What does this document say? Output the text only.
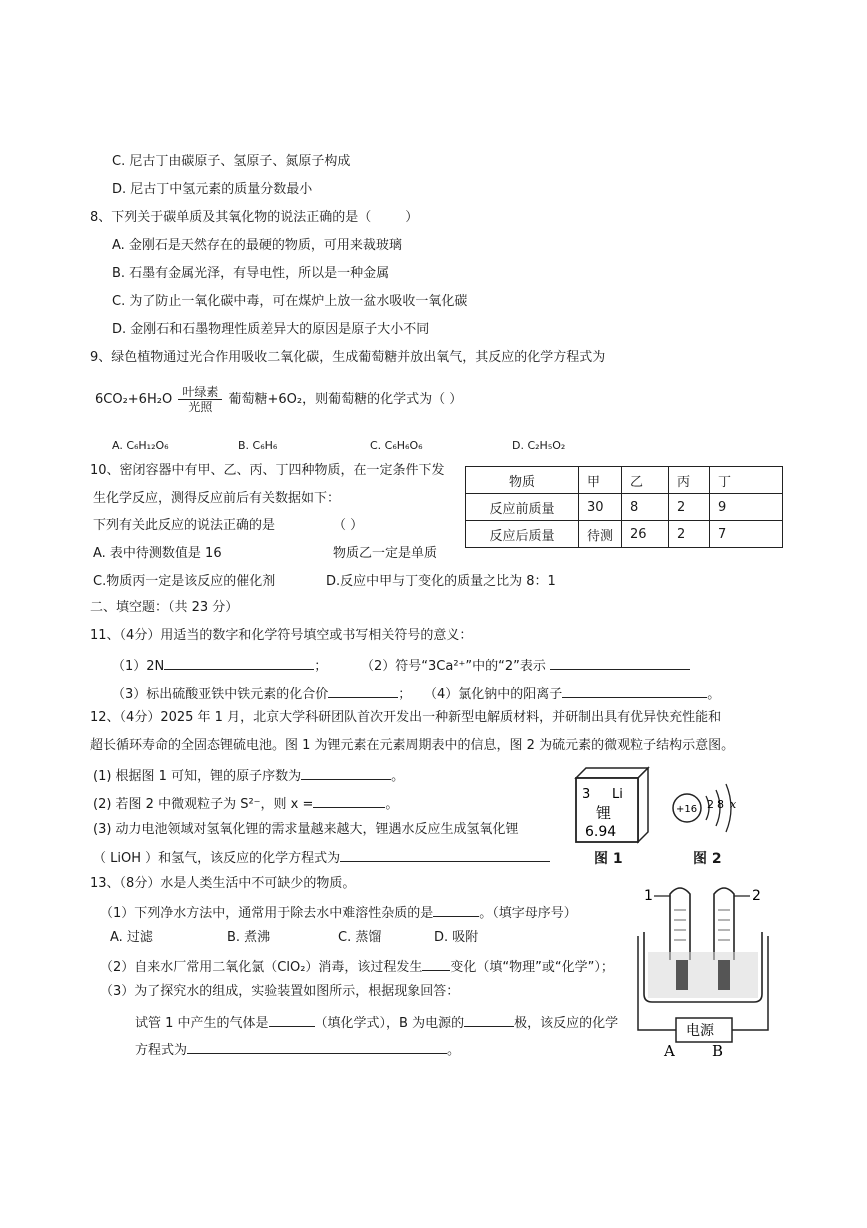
C. 尼古丁由碳原子、氢原子、氮原子构成
D. 尼古丁中氢元素的质量分数最小
8、下列关于碳单质及其氧化物的说法正确的是（	）
A. 金刚石是天然存在的最硬的物质，可用来裁玻璃
B. 石墨有金属光泽，有导电性，所以是一种金属
C. 为了防止一氧化碳中毒，可在煤炉上放一盆水吸收一氧化碳
D. 金刚石和石墨物理性质差异大的原因是原子大小不同
9、绿色植物通过光合作用吸收二氧化碳，生成葡萄糖并放出氧气，其反应的化学方程式为
$6CO_2+6H_2O \frac{\text{叶绿素}}{\text{光照}}$ 葡萄糖+6O₂，则葡萄糖的化学式为（ ）
A. C₆H₁₂O₆	B. C₆H₆	C. C₆H₆O₆	D. C₂H₅O₂
10、密闭容器中有甲、乙、丙、丁四种物质，在一定条件下发
生化学反应，测得反应前后有关数据如下：
下列有关此反应的说法正确的是	（ ）
A. 表中待测数值是 16	物质乙一定是单质
C.物质丙一定是该反应的催化剂	D.反应中甲与丁变化的质量之比为 8：1
物质	甲	乙	丙	丁
反应前质量	30	8	2	9
反应后质量	待测	26	2	7
二、填空题：（共 23 分）
11、（4分）用适当的数字和化学符号填空或书写相关符号的意义：
（1）2N	；	（2）符号“3Ca²⁺”中的“2”表示
（3）标出硫酸亚铁中铁元素的化合价	； （4）氯化钠中的阳离子	。
12、（4分）2025 年 1 月，北京大学科研团队首次开发出一种新型电解质材料，并研制出具有优异快充性能和
超长循环寿命的全固态锂硫电池。图 1 为锂元素在元素周期表中的信息，图 2 为硫元素的微观粒子结构示意图。
(1) 根据图 1 可知，锂的原子序数为	。
(2) 若图 2 中微观粒子为 S²⁻，则 x =	。
(3) 动力电池领域对氢氧化锂的需求量越来越大，锂遇水反应生成氢氧化锂
（ LiOH ）和氢气，该反应的化学方程式为
3 Li
锂
6.94
图 1
+16 2 8 x
图 2
13、（8分）水是人类生活中不可缺少的物质。
（1）下列净水方法中，通常用于除去水中难溶性杂质的是	。（填字母序号）
A. 过滤	B. 煮沸	C. 蒸馏	D. 吸附
（2）自来水厂常用二氧化氯（ClO₂）消毒，该过程发生 变化（填“物理”或“化学”）；
（3）为了探究水的组成，实验装置如图所示，根据现象回答：
试管 1 中产生的气体是	（填化学式），B 为电源的	极，该反应的化学
方程式为	。
1	2
电源
A B
